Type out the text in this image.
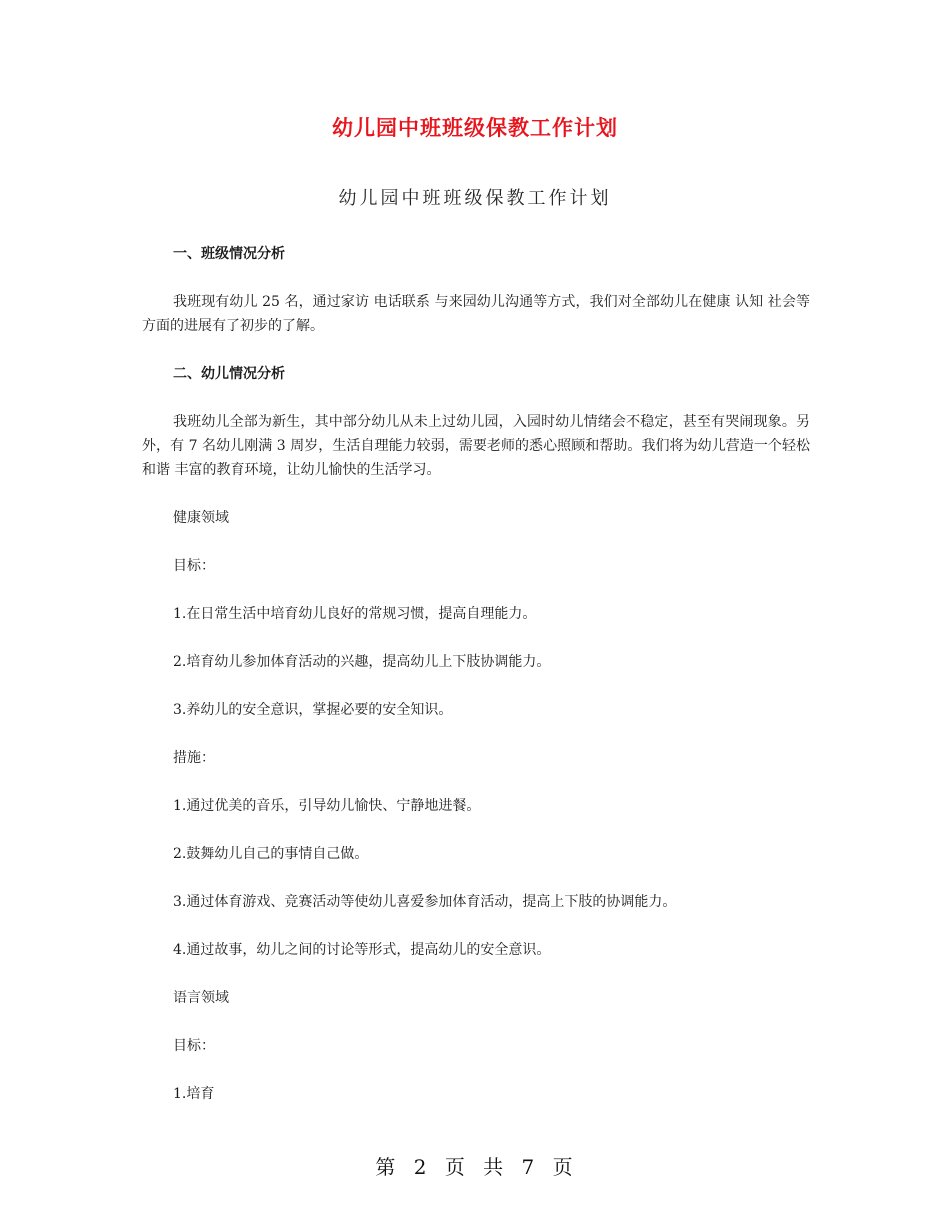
幼儿园中班班级保教工作计划
幼儿园中班班级保教工作计划

一、班级情况分析

我班现有幼儿 25 名，通过家访 电话联系 与来园幼儿沟通等方式，我们对全部幼儿在健康 认知 社会等方面的进展有了初步的了解。

二、幼儿情况分析

我班幼儿全部为新生，其中部分幼儿从未上过幼儿园，入园时幼儿情绪会不稳定，甚至有哭闹现象。另外，有 7 名幼儿刚满 3 周岁，生活自理能力较弱，需要老师的悉心照顾和帮助。我们将为幼儿营造一个轻松 和谐 丰富的教育环境，让幼儿愉快的生活学习。

健康领域

目标：

1.在日常生活中培育幼儿良好的常规习惯，提高自理能力。

2.培育幼儿参加体育活动的兴趣，提高幼儿上下肢协调能力。

3.养幼儿的安全意识，掌握必要的安全知识。

措施：

1.通过优美的音乐，引导幼儿愉快、宁静地进餐。

2.鼓舞幼儿自己的事情自己做。

3.通过体育游戏、竞赛活动等使幼儿喜爱参加体育活动，提高上下肢的协调能力。

4.通过故事，幼儿之间的讨论等形式，提高幼儿的安全意识。

语言领域

目标：

1.培育

第 2 页 共 7 页
